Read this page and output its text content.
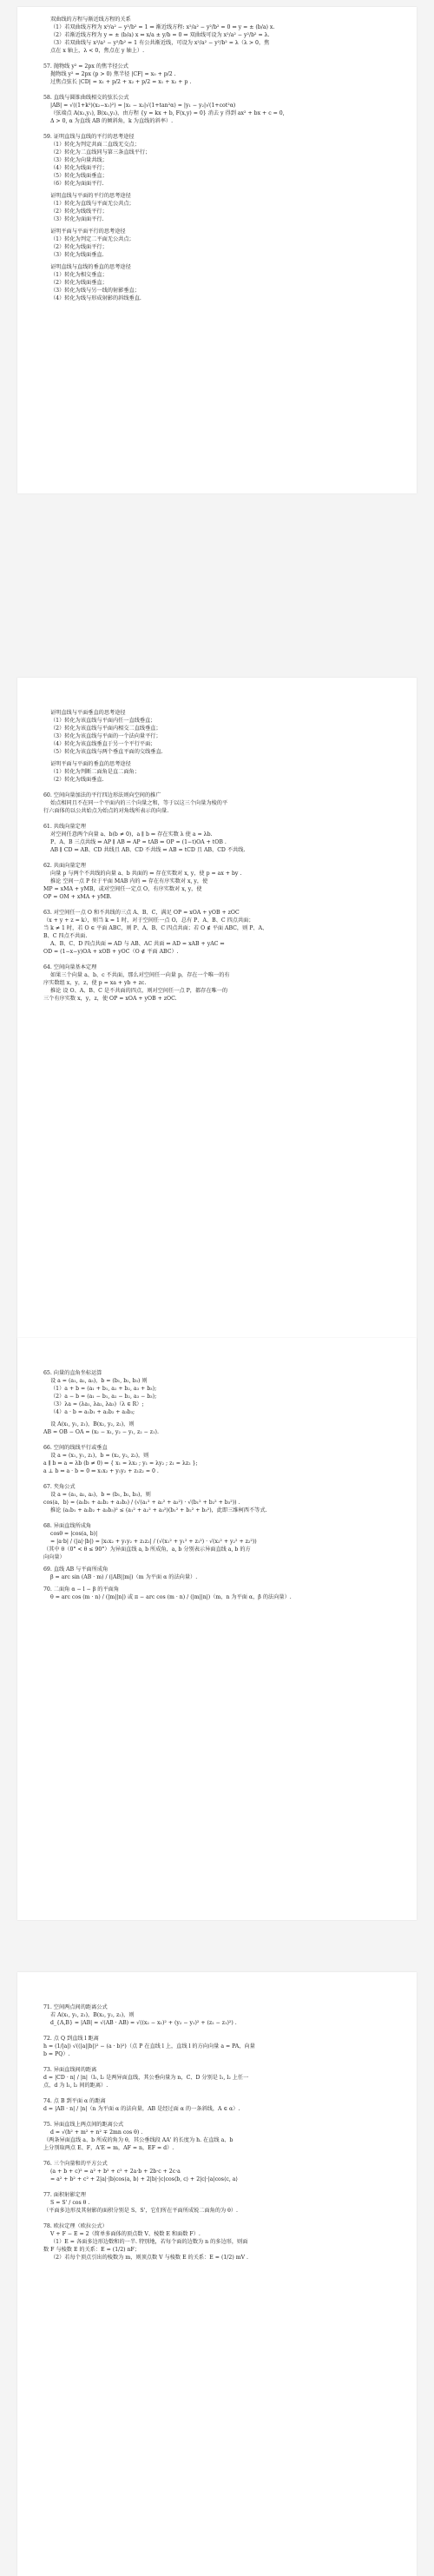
双曲线的方程与渐近线方程的关系
（1）若双曲线方程为 x²/a² − y²/b² = 1 ⇒ 渐近线方程: x²/a² − y²/b² = 0 ⇔ y = ± (b/a) x.
（2）若渐近线方程为 y = ± (b/a) x ⇔ x/a ± y/b = 0 ⇒ 双曲线可设为 x²/a² − y²/b² = λ.
（3）若双曲线与 x²/a² − y²/b² = 1 有公共渐近线，可设为 x²/a² − y²/b² = λ（λ > 0，焦
点在 x 轴上，λ < 0，焦点在 y 轴上）.
57. 抛物线 y² = 2px 的焦半径公式
抛物线 y² = 2px (p > 0) 焦半径 |CF| = x₀ + p/2 .
过焦点弦长 |CD| = x₁ + p/2 + x₂ + p/2 = x₁ + x₂ + p .
58. 直线与圆锥曲线相交的弦长公式
|AB| = √((1+k²)(x₂−x₁)²) = |x₁ − x₂|√(1+tan²α) = |y₁ − y₂|√(1+cot²α)
（弦端点 A(x₁,y₁), B(x₂,y₂)，由方程 {y = kx + b, F(x,y) = 0} 消去 y 得到 ax² + bx + c = 0,
Δ > 0, α 为直线 AB 的倾斜角，k 为直线的斜率）.
59. 证明直线与直线的平行的思考途径
（1）转化为判定共面二直线无交点；
（2）转化为二直线同与第三条直线平行；
（3）转化为向量共线；
（4）转化为线面平行；
（5）转化为线面垂直；
（6）转化为面面平行.
证明直线与平面的平行的思考途径
（1）转化为直线与平面无公共点；
（2）转化为线线平行；
（3）转化为面面平行.
证明平面与平面平行的思考途径
（1）转化为判定二平面无公共点；
（2）转化为线面平行；
（3）转化为线面垂直.
证明直线与直线的垂直的思考途径
（1）转化为相交垂直；
（2）转化为线面垂直；
（3）转化为线与另一线的射影垂直；
（4）转化为线与形成射影的斜线垂直.
证明直线与平面垂直的思考途径
（1）转化为该直线与平面内任一直线垂直；
（2）转化为该直线与平面内相交二直线垂直；
（3）转化为该直线与平面的一个法向量平行；
（4）转化为该直线垂直于另一个平行平面；
（5）转化为该直线与两个垂直平面的交线垂直.
证明平面与平面的垂直的思考途径
（1）转化为判断二面角是直二面角；
（2）转化为线面垂直.
60. 空间向量加法的平行四边形法则向空间的推广
始点相同且不在同一个平面内的三个向量之和，等于以这三个向量为棱的平
行六面体的以公共始点为始点的对角线所表示的向量.
61. 共线向量定理
对空间任意两个向量 a、b(b ≠ 0)，a ∥ b ⇔ 存在实数 λ 使 a = λb.
P、A、B 三点共线 ⇔ AP ∥ AB ⇔ AP = tAB ⇔ OP = (1−t)OA + tOB .
AB ∥ CD ⇔ AB、CD 共线且 AB、CD 不共线 ⇔ AB = tCD 且 AB、CD 不共线.
62. 共面向量定理
向量 p 与两个不共线的向量 a、b 共面的 ⇔ 存在实数对 x, y，使 p = ax + by .
推论 空间一点 P 位于平面 MAB 内的 ⇔ 存在有序实数对 x, y，使
MP = xMA + yMB，或对空间任一定点 O，有序实数对 x, y，使
OP = OM + xMA + yMB.
63. 对空间任一点 O 和不共线的三点 A、B、C，满足 OP = xOA + yOB + zOC
（x + y + z = k），则当 k = 1 时，对于空间任一点 O，总有 P、A、B、C 四点共面；
当 k ≠ 1 时，若 O ∈ 平面 ABC，则 P、A、B、C 四点共面；若 O ∉ 平面 ABC，则 P、A、
B、C 四点不共面.
A、B、C、D 四点共面 ⇔ AD 与 AB、AC 共面 ⇔ AD = xAB + yAC ⇔
OD = (1−x−y)OA + xOB + yOC（O ∉ 平面 ABC）.
64. 空间向量基本定理
如果三个向量 a、b、c 不共面，那么对空间任一向量 p，存在一个唯一的有
序实数组 x，y，z，使 p = xa + yb + zc.
推论 设 O、A、B、C 是不共面的四点，则对空间任一点 P，都存在唯一的
三个有序实数 x，y，z，使 OP = xOA + yOB + zOC.
65. 向量的直角坐标运算
设 a = (a₁, a₂, a₃)，b = (b₁, b₂, b₃) 则
（1）a + b = (a₁ + b₁, a₂ + b₂, a₃ + b₃);
（2）a − b = (a₁ − b₁, a₂ − b₂, a₃ − b₃);
（3）λa = (λa₁, λa₂, λa₃)（λ ∈ R）;
（4）a · b = a₁b₁ + a₂b₂ + a₃b₃;
设 A(x₁, y₁, z₁)，B(x₂, y₂, z₂)，则
AB = OB − OA = (x₂ − x₁, y₂ − y₁, z₂ − z₁).
66. 空间的线线平行或垂直
设 a = (x₁, y₁, z₁)，b = (x₂, y₂, z₂)，则
a ∥ b ⇔ a = λb (b ≠ 0) ⇔ { x₁ = λx₂ ; y₁ = λy₂ ; z₁ = λz₂ };
a ⊥ b ⇔ a · b = 0 ⇔ x₁x₂ + y₁y₂ + z₁z₂ = 0 .
67. 夹角公式
设 a = (a₁, a₂, a₃)，b = (b₁, b₂, b₃)，则
cos⟨a，b⟩ = (a₁b₁ + a₂b₂ + a₃b₃) / (√(a₁² + a₂² + a₃²) · √(b₁² + b₂² + b₃²)) .
推论 (a₁b₁ + a₂b₂ + a₃b₃)² ≤ (a₁² + a₂² + a₃²)(b₁² + b₂² + b₃²)，此即三维柯西不等式.
68. 异面直线所成角
cosθ = |cos(a, b)|
= |a·b| / (|a|·|b|) = |x₁x₂ + y₁y₂ + z₁z₂| / (√(x₁² + y₁² + z₁²) · √(x₂² + y₂² + z₂²))
（其中 θ（0° < θ ≤ 90°）为异面直线 a, b 所成角，a, b 分别表示异面直线 a, b 的方
向向量）
69. 直线 AB 与平面所成角
β = arc sin (AB · m) / (|AB||m|)（m 为平面 α 的法向量）.
70. 二面角 α − l − β 的平面角
θ = arc cos (m · n) / (|m||n|) 或 π − arc cos (m · n) / (|m||n|)（m，n 为平面 α，β 的法向量）.
71. 空间两点间的距离公式
若 A(x₁, y₁, z₁)，B(x₂, y₂, z₂)，则
d_{A,B} = |AB| = √(AB · AB) = √((x₂ − x₁)² + (y₂ − y₁)² + (z₂ − z₁)²) .
72. 点 Q 到直线 l 距离
h = (1/|a|) √((|a||b|)² − (a · b)²)（点 P 在直线 l 上，直线 l 的方向向量 a = PA，向量
b = PQ）.
73. 异面直线间的距离
d = |CD · n| / |n|（l₁, l₂ 是两异面直线，其公垂向量为 n，C、D 分别是 l₁, l₂ 上任一
点，d 为 l₁, l₂ 间的距离）.
74. 点 B 到平面 α 的距离
d = |AB · n| / |n|（n 为平面 α 的法向量，AB 是经过面 α 的一条斜线，A ∈ α）.
75. 异面直线上两点间的距离公式
d = √(h² + m² + n² ∓ 2mn cos θ) .
（两条异面直线 a、b 所成的角为 θ，其公垂线段 AA' 的长度为 h. 在直线 a、b
上分别取两点 E、F，A'E = m，AF = n，EF = d）.
76. 三个向量和的平方公式
(a + b + c)² = a² + b² + c² + 2a·b + 2b·c + 2c·a
= a² + b² + c² + 2|a|·|b|cos⟨a, b⟩ + 2|b|·|c|cos⟨b, c⟩ + 2|c|·|a|cos⟨c, a⟩
77. 面积射影定理
S = S' / cos θ .
（平面多边形及其射影的面积分别是 S、S'，它们所在平面所成锐二面角的为 θ）.
78. 欧拉定理（欧拉公式）
V + F − E = 2（简单多面体的顶点数 V、棱数 E 和面数 F）.
（1）E = 各面多边形边数和的一半. 特别地，若每个面的边数为 n 的多边形，则面
数 F 与棱数 E 的关系：E = (1/2) nF；
（2）若每个顶点引出的棱数为 m，则顶点数 V 与棱数 E 的关系：E = (1/2) mV .
